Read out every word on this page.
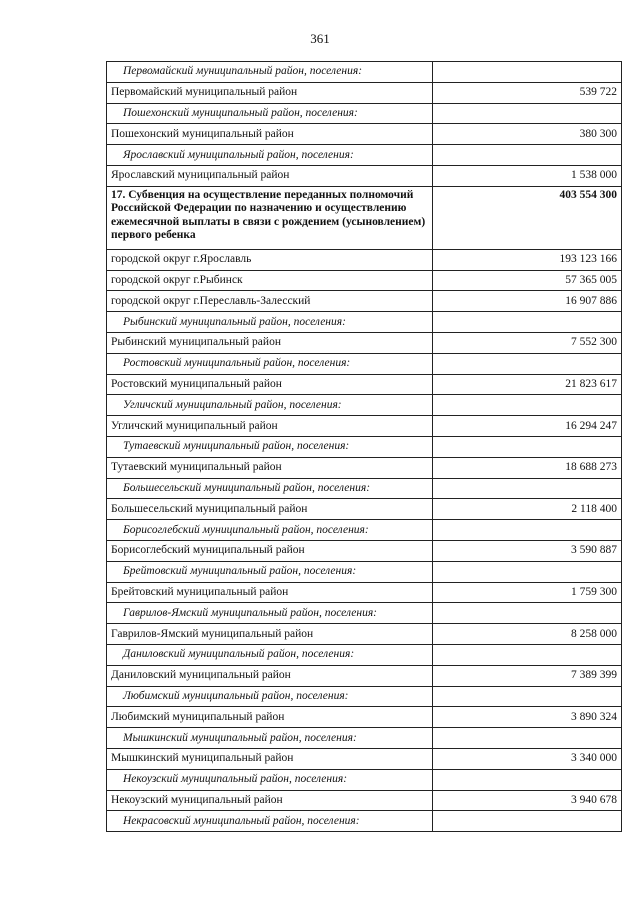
361
Первомайский муниципальный район, поселения:	
Первомайский муниципальный район	539 722
Пошехонский муниципальный район, поселения:	
Пошехонский муниципальный район	380 300
Ярославский муниципальный район, поселения:	
Ярославский муниципальный район	1 538 000
17. Субвенция на осуществление переданных полномочий Российской Федерации по назначению и осуществлению ежемесячной выплаты в связи с рождением (усыновлением) первого ребенка	403 554 300
городской округ г.Ярославль	193 123 166
городской округ г.Рыбинск	57 365 005
городской округ г.Переславль-Залесский	16 907 886
Рыбинский муниципальный район, поселения:	
Рыбинский муниципальный район	7 552 300
Ростовский муниципальный район, поселения:	
Ростовский муниципальный район	21 823 617
Угличский муниципальный район, поселения:	
Угличский муниципальный район	16 294 247
Тутаевский муниципальный район, поселения:	
Тутаевский муниципальный район	18 688 273
Большесельский муниципальный район, поселения:	
Большесельский муниципальный район	2 118 400
Борисоглебский муниципальный район, поселения:	
Борисоглебский муниципальный район	3 590 887
Брейтовский муниципальный район, поселения:	
Брейтовский муниципальный район	1 759 300
Гаврилов-Ямский муниципальный район, поселения:	
Гаврилов-Ямский муниципальный район	8 258 000
Даниловский муниципальный район, поселения:	
Даниловский муниципальный район	7 389 399
Любимский муниципальный район, поселения:	
Любимский муниципальный район	3 890 324
Мышкинский муниципальный район, поселения:	
Мышкинский муниципальный район	3 340 000
Некоузский муниципальный район, поселения:	
Некоузский муниципальный район	3 940 678
Некрасовский муниципальный район, поселения:	
